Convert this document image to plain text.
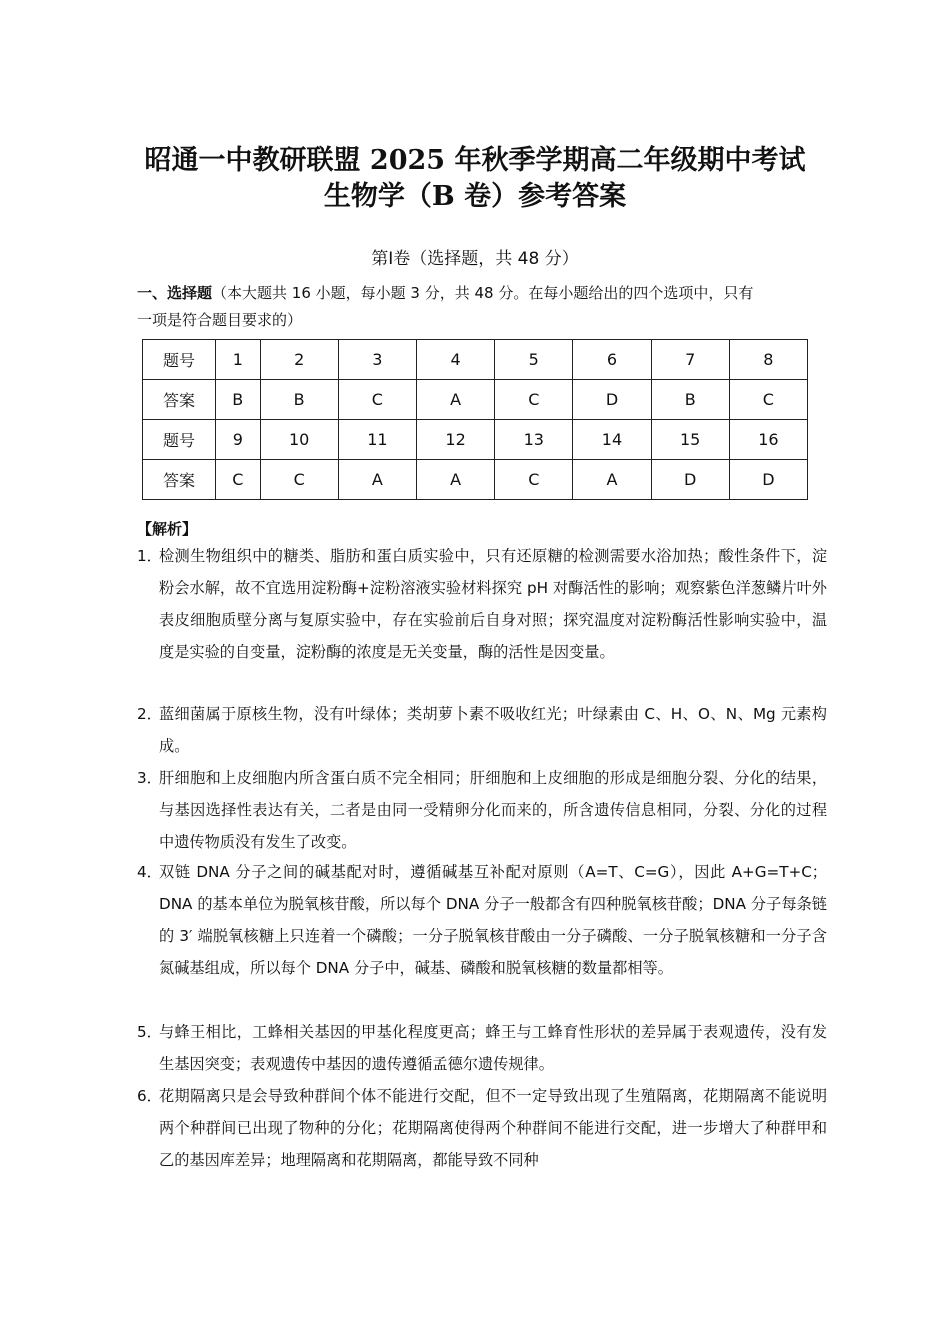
昭通一中教研联盟 2025 年秋季学期高二年级期中考试
生物学（B 卷）参考答案
第Ⅰ卷（选择题，共 48 分）
一、选择题（本大题共 16 小题，每小题 3 分，共 48 分。在每小题给出的四个选项中，只有
一项是符合题目要求的）
题号	1	2	3	4	5	6	7	8
答案	B	B	C	A	C	D	B	C
题号	9	10	11	12	13	14	15	16
答案	C	C	A	A	C	A	D	D
【解析】
1．
检测生物组织中的糖类、脂肪和蛋白质实验中，只有还原糖的检测需要水浴加热；酸性条件下，淀粉会水解，故不宜选用淀粉酶+淀粉溶液实验材料探究 pH 对酶活性的影响；观察紫色洋葱鳞片叶外表皮细胞质壁分离与复原实验中，存在实验前后自身对照；探究温度对淀粉酶活性影响实验中，温度是实验的自变量，淀粉酶的浓度是无关变量，酶的活性是因变量。
2．
蓝细菌属于原核生物，没有叶绿体；类胡萝卜素不吸收红光；叶绿素由 C、H、O、N、Mg 元素构成。
3．
肝细胞和上皮细胞内所含蛋白质不完全相同；肝细胞和上皮细胞的形成是细胞分裂、分化的结果，与基因选择性表达有关，二者是由同一受精卵分化而来的，所含遗传信息相同，分裂、分化的过程中遗传物质没有发生了改变。
4．
双链 DNA 分子之间的碱基配对时，遵循碱基互补配对原则（A=T、C=G），因此 A+G=T+C；DNA 的基本单位为脱氧核苷酸，所以每个 DNA 分子一般都含有四种脱氧核苷酸；DNA 分子每条链的 3′ 端脱氧核糖上只连着一个磷酸；一分子脱氧核苷酸由一分子磷酸、一分子脱氧核糖和一分子含氮碱基组成，所以每个 DNA 分子中，碱基、磷酸和脱氧核糖的数量都相等。
5．
与蜂王相比，工蜂相关基因的甲基化程度更高；蜂王与工蜂育性形状的差异属于表观遗传，没有发生基因突变；表观遗传中基因的遗传遵循孟德尔遗传规律。
6．
花期隔离只是会导致种群间个体不能进行交配，但不一定导致出现了生殖隔离，花期隔离不能说明两个种群间已出现了物种的分化；花期隔离使得两个种群间不能进行交配，进一步增大了种群甲和乙的基因库差异；地理隔离和花期隔离，都能导致不同种
